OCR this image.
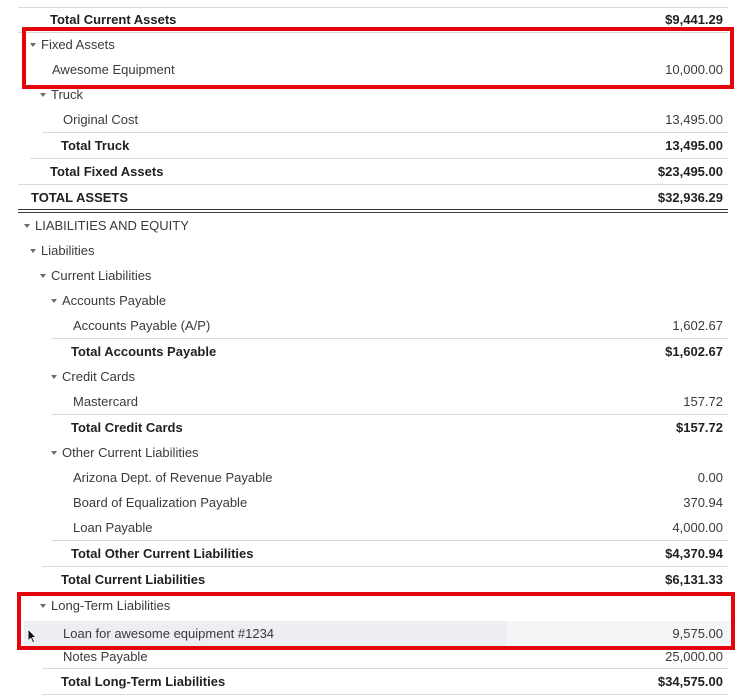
Total Current Assets	$9,441.29
Fixed Assets
Awesome Equipment	10,000.00
Truck
Original Cost	13,495.00
Total Truck	13,495.00
Total Fixed Assets	$23,495.00
TOTAL ASSETS	$32,936.29
LIABILITIES AND EQUITY
Liabilities
Current Liabilities
Accounts Payable
Accounts Payable (A/P)	1,602.67
Total Accounts Payable	$1,602.67
Credit Cards
Mastercard	157.72
Total Credit Cards	$157.72
Other Current Liabilities
Arizona Dept. of Revenue Payable	0.00
Board of Equalization Payable	370.94
Loan Payable	4,000.00
Total Other Current Liabilities	$4,370.94
Total Current Liabilities	$6,131.33
Long-Term Liabilities
Loan for awesome equipment #1234	9,575.00
Notes Payable	25,000.00
Total Long-Term Liabilities	$34,575.00
